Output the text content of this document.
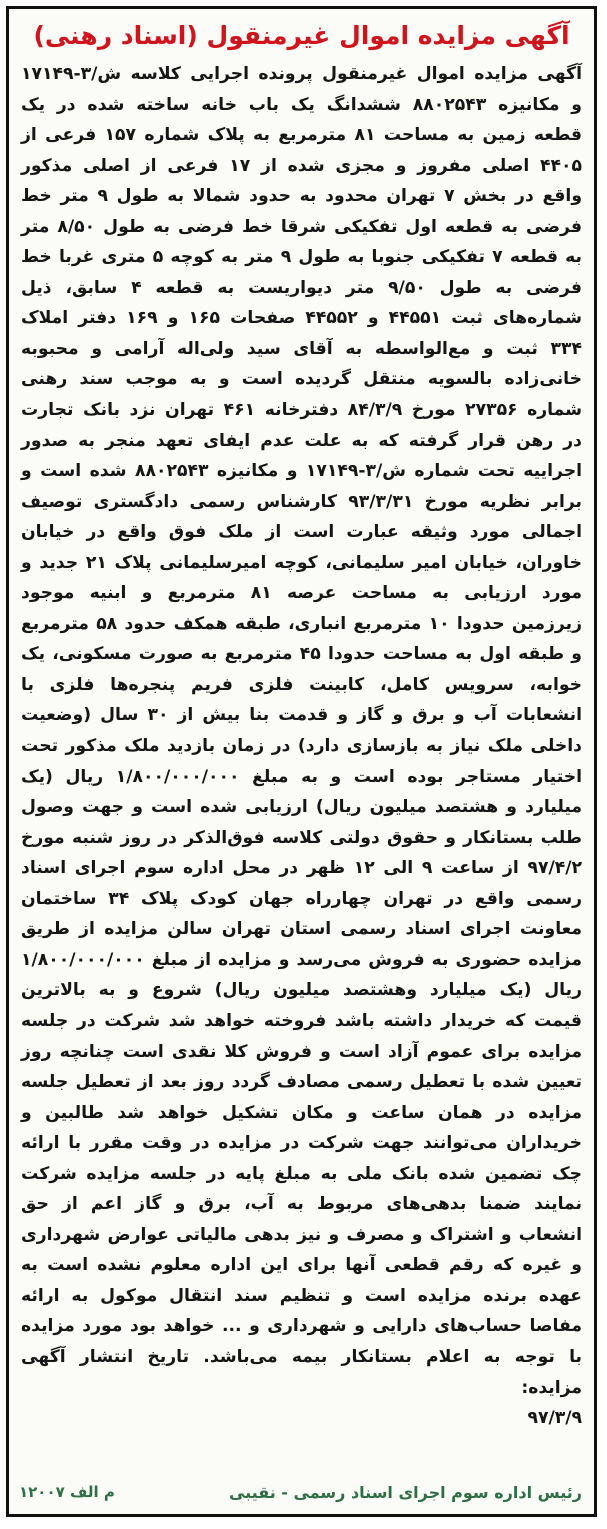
آگهی مزایده اموال غیرمنقول (اسناد رهنی)

آگهی مزایده اموال غیرمنقول پرونده اجرایی کلاسه ش/۳-۱۷۱۴۹ و مکانیزه ۸۸۰۲۵۴۳ ششدانگ یک باب خانه ساخته شده در یک قطعه زمین به مساحت ۸۱ مترمربع به پلاک شماره ۱۵۷ فرعی از ۴۴۰۵ اصلی مفروز و مجزی شده از ۱۷ فرعی از اصلی مذکور واقع در بخش ۷ تهران محدود به حدود شمالا به طول ۹ متر خط فرضی به قطعه اول تفکیکی شرقا خط فرضی به طول ۸/۵۰ متر به قطعه ۷ تفکیکی جنوبا به طول ۹ متر به کوچه ۵ متری غربا خط فرضی به طول ۹/۵۰ متر دیواریست به قطعه ۴ سابق، ذیل شماره‌های ثبت ۴۴۵۵۱ و ۴۴۵۵۲ صفحات ۱۶۵ و ۱۶۹ دفتر املاک ۳۳۴ ثبت و مع‌الواسطه به آقای سید ولی‌اله آرامی و محبوبه خانی‌زاده بالسویه منتقل گردیده است و به موجب سند رهنی شماره ۲۷۳۵۶ مورخ ۸۴/۳/۹ دفترخانه ۴۶۱ تهران نزد بانک تجارت در رهن قرار گرفته که به علت عدم ایفای تعهد منجر به صدور اجراییه تحت شماره ش/۳-۱۷۱۴۹ و مکانیزه ۸۸۰۲۵۴۳ شده است و برابر نظریه مورخ ۹۳/۳/۳۱ کارشناس رسمی دادگستری توصیف اجمالی مورد وثیقه عبارت است از ملک فوق واقع در خیابان خاوران، خیابان امیر سلیمانی، کوچه امیرسلیمانی پلاک ۲۱ جدید و مورد ارزیابی به مساحت عرصه ۸۱ مترمربع و ابنیه موجود زیرزمین حدودا ۱۰ مترمربع انباری، طبقه همکف حدود ۵۸ مترمربع و طبقه اول به مساحت حدودا ۴۵ مترمربع به صورت مسکونی، یک خوابه، سرویس کامل، کابینت فلزی فریم پنجره‌ها فلزی با انشعابات آب و برق و گاز و قدمت بنا بیش از ۳۰ سال (وضعیت داخلی ملک نیاز به بازسازی دارد) در زمان بازدید ملک مذکور تحت اختیار مستاجر بوده است و به مبلغ ۱/۸۰۰/۰۰۰/۰۰۰ ریال (یک میلیارد و هشتصد میلیون ریال) ارزیابی شده است و جهت وصول طلب بستانکار و حقوق دولتی کلاسه فوق‌الذکر در روز شنبه مورخ ۹۷/۴/۲ از ساعت ۹ الی ۱۲ ظهر در محل اداره سوم اجرای اسناد رسمی واقع در تهران چهارراه جهان کودک پلاک ۳۴ ساختمان معاونت اجرای اسناد رسمی استان تهران سالن مزایده از طریق مزایده حضوری به فروش می‌رسد و مزایده از مبلغ ۱/۸۰۰/۰۰۰/۰۰۰ ریال (یک میلیارد وهشتصد میلیون ریال) شروع و به بالاترین قیمت که خریدار داشته باشد فروخته خواهد شد شرکت در جلسه مزایده برای عموم آزاد است و فروش کلا نقدی است چنانچه روز تعیین شده با تعطیل رسمی مصادف گردد روز بعد از تعطیل جلسه مزایده در همان ساعت و مکان تشکیل خواهد شد طالبین و خریداران می‌توانند جهت شرکت در مزایده در وقت مقرر با ارائه چک تضمین شده بانک ملی به مبلغ پایه در جلسه مزایده شرکت نمایند ضمنا بدهی‌های مربوط به آب، برق و گاز اعم از حق انشعاب و اشتراک و مصرف و نیز بدهی مالیاتی عوارض شهرداری و غیره که رقم قطعی آنها برای این اداره معلوم نشده است به عهده برنده مزایده است و تنظیم سند انتقال موکول به ارائه مفاصا حساب‌های دارایی و شهرداری و ... خواهد بود مورد مزایده با توجه به اعلام بستانکار بیمه می‌باشد. تاریخ انتشار آگهی مزایده:

۹۷/۳/۹
رئیس اداره سوم اجرای اسناد رسمی - نقیبی
م الف ۱۲۰۰۷
